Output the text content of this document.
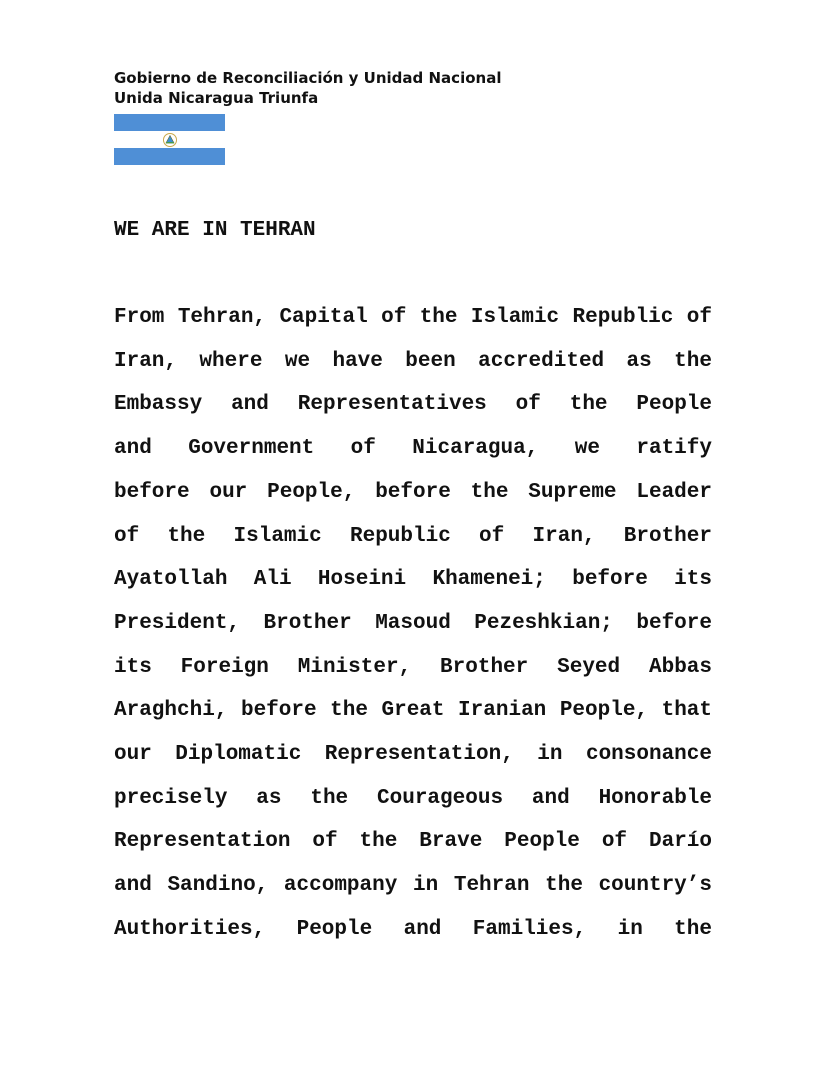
Gobierno de Reconciliación y Unidad Nacional
Unida Nicaragua Triunfa
WE ARE IN TEHRAN
From Tehran, Capital of the Islamic Republic of
Iran, where we have been accredited as the
Embassy and Representatives of the People
and Government of Nicaragua, we ratify
before our People, before the Supreme Leader
of the Islamic Republic of Iran, Brother
Ayatollah Ali Hoseini Khamenei; before its
President, Brother Masoud Pezeshkian; before
its Foreign Minister, Brother Seyed Abbas
Araghchi, before the Great Iranian People, that
our Diplomatic Representation, in consonance
precisely as the Courageous and Honorable
Representation of the Brave People of Darío
and Sandino, accompany in Tehran the country’s
Authorities, People and Families, in the
